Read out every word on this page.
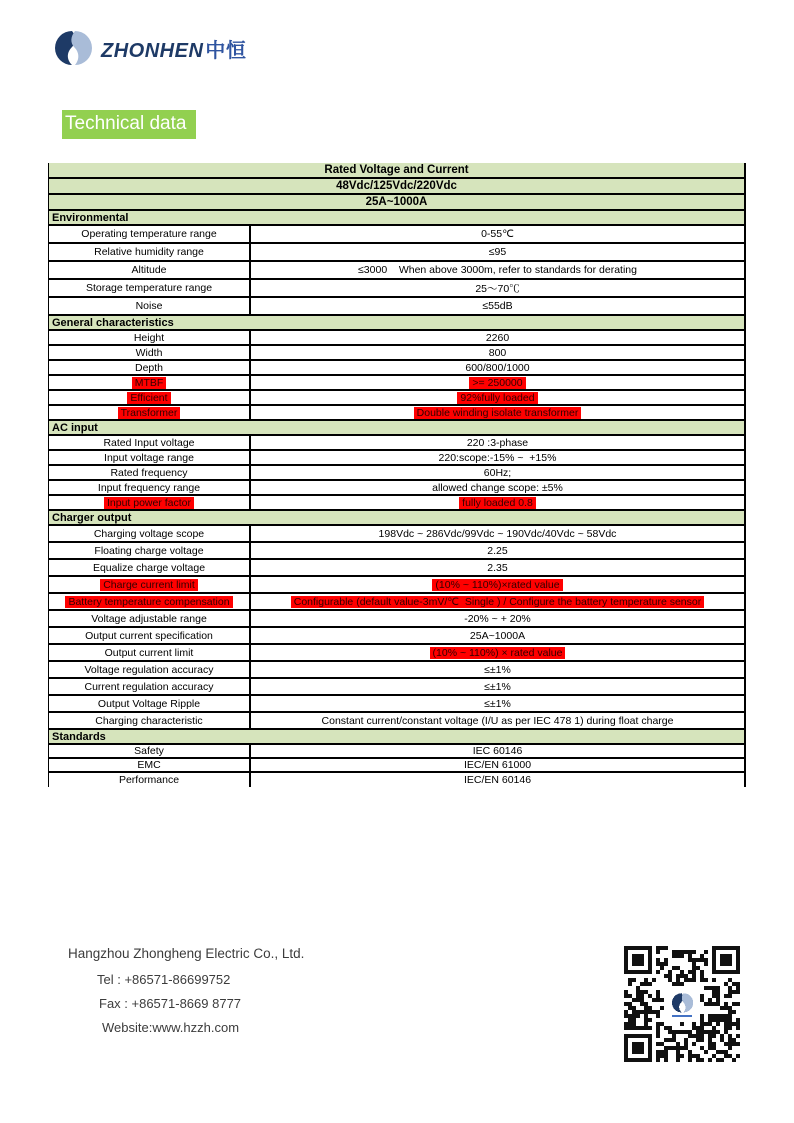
ZHONHEN 中恒
Technical data
Rated Voltage and Current
48Vdc/125Vdc/220Vdc
25A~1000A
Environmental
Operating temperature range	0-55℃
Relative humidity range	≤95
Altitude	≤3000    When above 3000m, refer to standards for derating
Storage temperature range	25～70℃
Noise	≤55dB
General characteristics
Height	2260
Width	800
Depth	600/800/1000
MTBF	>= 250000
Efficient	92%fully loaded
Transformer	Double winding isolate transformer
AC input
Rated Input voltage	220 :3-phase
Input voltage range	220:scope:-15% ~  +15%
Rated frequency	60Hz;
Input frequency range	allowed change scope: ±5%
Input power factor	fully loaded 0.8
Charger output
Charging voltage scope	198Vdc ~ 286Vdc/99Vdc ~ 190Vdc/40Vdc ~ 58Vdc
Floating charge voltage	2.25
Equalize charge voltage	2.35
Charge current limit	(10% ~ 110%)×rated value
Battery temperature compensation	Configurable (default value-3mV/℃  Single ) / Configure the battery temperature sensor
Voltage adjustable range	-20% ~ + 20%
Output current specification	25A~1000A
Output current limit	(10% ~ 110%) × rated value
Voltage regulation accuracy	≤±1%
Current regulation accuracy	≤±1%
Output Voltage Ripple	≤±1%
Charging characteristic	Constant current/constant voltage (I/U as per IEC 478 1) during float charge
Standards
Safety	IEC 60146
EMC	IEC/EN 61000
Performance	IEC/EN 60146
Hangzhou Zhongheng Electric Co., Ltd.
Tel : +86571-86699752
Fax : +86571-8669 8777
Website:www.hzzh.com
